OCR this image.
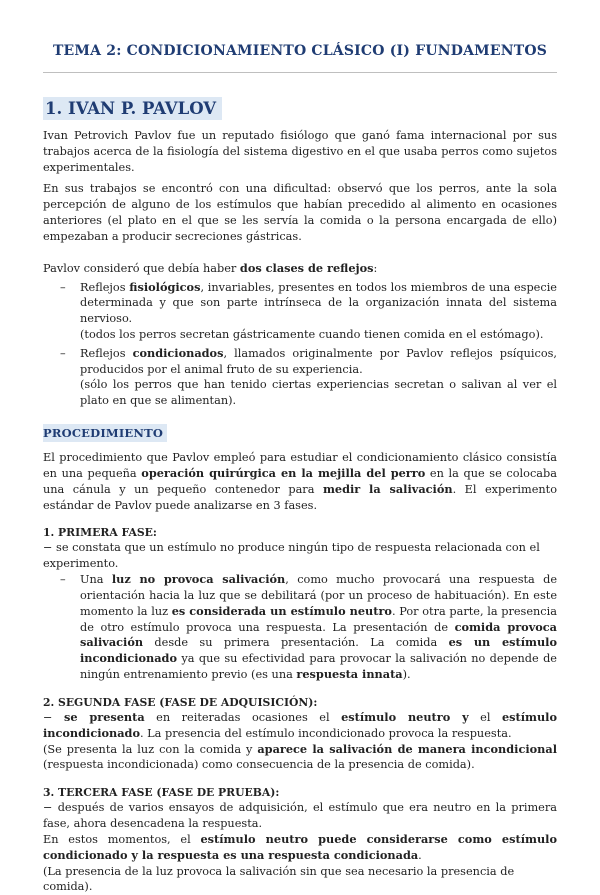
TEMA 2: CONDICIONAMIENTO CLÁSICO (I) FUNDAMENTOS
1. IVAN P. PAVLOV

Ivan Petrovich Pavlov fue un reputado fisiólogo que ganó fama internacional por sus trabajos acerca de la fisiología del sistema digestivo en el que usaba perros como sujetos experimentales.

En sus trabajos se encontró con una dificultad: observó que los perros, ante la sola percepción de alguno de los estímulos que habían precedido al alimento en ocasiones anteriores (el plato en el que se les servía la comida o la persona encargada de ello) empezaban a producir secreciones gástricas.

Pavlov consideró que debía haber dos clases de reflejos:

– Reflejos fisiológicos, invariables, presentes en todos los miembros de una especie determinada y que son parte intrínseca de la organización innata del sistema nervioso.
(todos los perros secretan gástricamente cuando tienen comida en el estómago).
– Reflejos condicionados, llamados originalmente por Pavlov reflejos psíquicos, producidos por el animal fruto de su experiencia.
(sólo los perros que han tenido ciertas experiencias secretan o salivan al ver el plato en que se alimentan).
PROCEDIMIENTO

El procedimiento que Pavlov empleó para estudiar el condicionamiento clásico consistía en una pequeña operación quirúrgica en la mejilla del perro en la que se colocaba una cánula y un pequeño contenedor para medir la salivación. El experimento estándar de Pavlov puede analizarse en 3 fases.

1. PRIMERA FASE:

− se constata que un estímulo no produce ningún tipo de respuesta relacionada con el experimento.

– Una luz no provoca salivación, como mucho provocará una respuesta de orientación hacia la luz que se debilitará (por un proceso de habituación). En este momento la luz es considerada un estímulo neutro. Por otra parte, la presencia de otro estímulo provoca una respuesta. La presentación de comida provoca salivación desde su primera presentación. La comida es un estímulo incondicionado ya que su efectividad para provocar la salivación no depende de ningún entrenamiento previo (es una respuesta innata).
2. SEGUNDA FASE (FASE DE ADQUISICIÓN):

− se presenta en reiteradas ocasiones el estímulo neutro y el estímulo incondicionado. La presencia del estímulo incondicionado provoca la respuesta.

(Se presenta la luz con la comida y aparece la salivación de manera incondicional (respuesta incondicionada) como consecuencia de la presencia de comida).

3. TERCERA FASE (FASE DE PRUEBA):

− después de varios ensayos de adquisición, el estímulo que era neutro en la primera fase, ahora desencadena la respuesta.

En estos momentos, el estímulo neutro puede considerarse como estímulo condicionado y la respuesta es una respuesta condicionada.

(La presencia de la luz provoca la salivación sin que sea necesario la presencia de comida).
